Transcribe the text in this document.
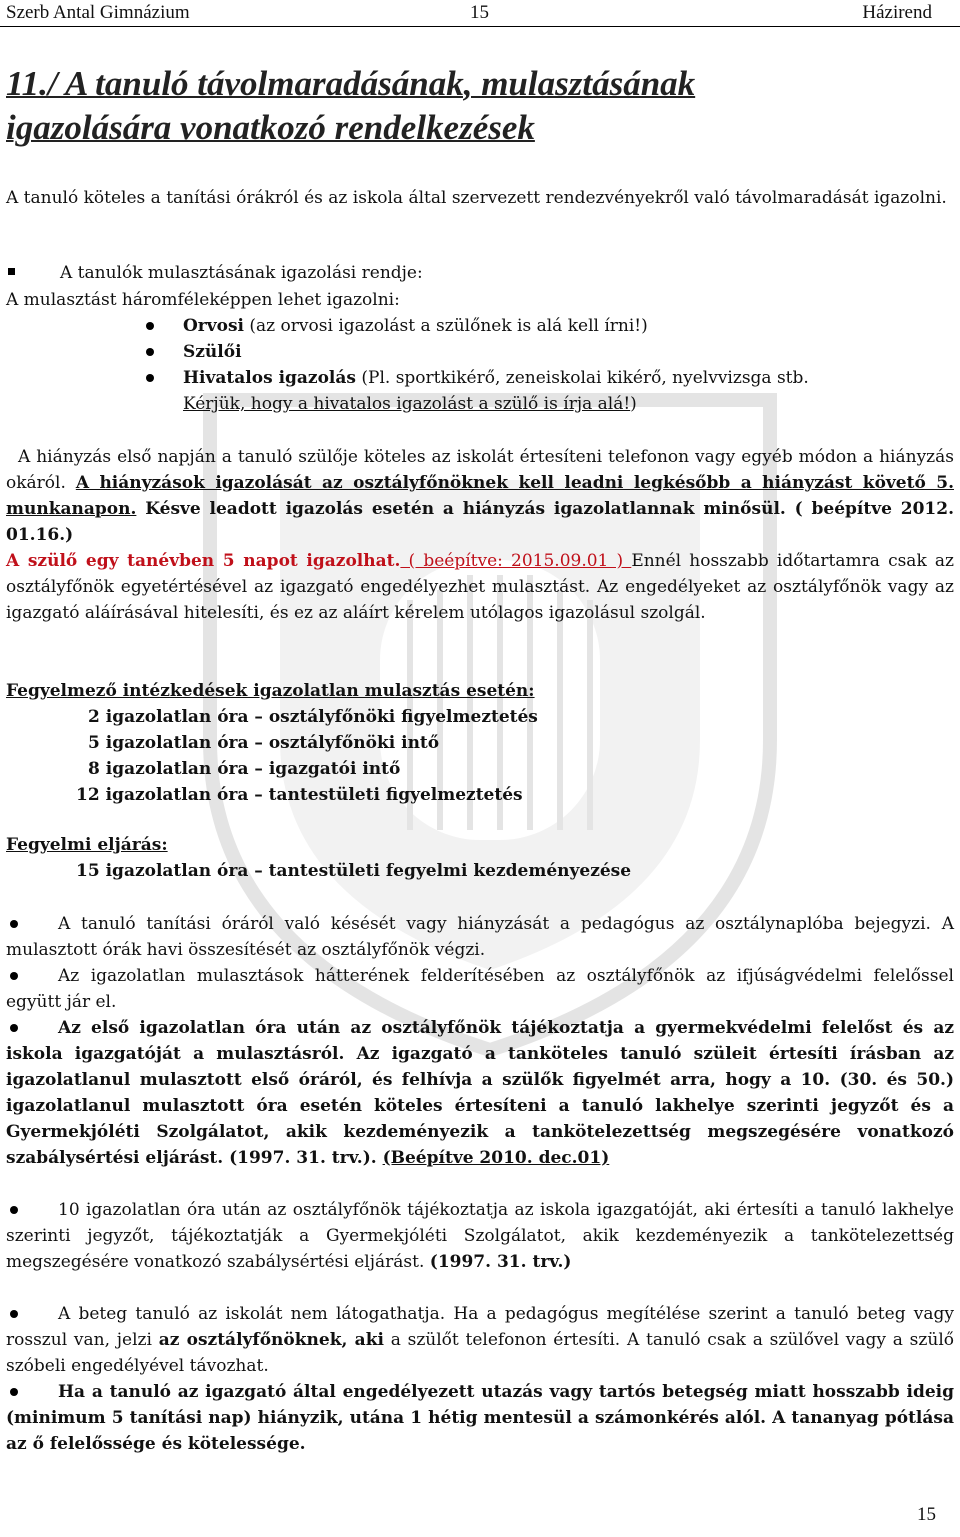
Szerb Antal Gimnázium	15	Házirend
11./ A tanuló távolmaradásának, mulasztásának
igazolására vonatkozó rendelkezések

A tanuló köteles a tanítási órákról és az iskola által szervezett rendezvényekről való távolmaradását igazolni.

A tanulók mulasztásának igazolási rendje:
A mulasztást háromféleképpen lehet igazolni:
Orvosi (az orvosi igazolást a szülőnek is alá kell írni!)
Szülői
Hivatalos igazolás (Pl. sportkikérő, zeneiskolai kikérő, nyelvvizsga stb.
Kérjük, hogy a hivatalos igazolást a szülő is írja alá!)

A hiányzás első napján a tanuló szülője köteles az iskolát értesíteni telefonon vagy egyéb módon a hiányzás okáról. A hiányzások igazolását az osztályfőnöknek kell leadni legkésőbb a hiányzást követő 5. munkanapon. Késve leadott igazolás esetén a hiányzás igazolatlannak minősül. ( beépítve 2012. 01.16.)

A szülő egy tanévben 5 napot igazolhat. ( beépítve: 2015.09.01 ) Ennél hosszabb időtartamra csak az osztályfőnök egyetértésével az igazgató engedélyezhet mulasztást. Az engedélyeket az osztályfőnök vagy az igazgató aláírásával hitelesíti, és ez az aláírt kérelem utólagos igazolásul szolgál.

Fegyelmező intézkedések igazolatlan mulasztás esetén:
2 igazolatlan óra – osztályfőnöki figyelmeztetés
5 igazolatlan óra – osztályfőnöki intő
8 igazolatlan óra – igazgatói intő
12 igazolatlan óra – tantestületi figyelmeztetés
Fegyelmi eljárás:
15 igazolatlan óra – tantestületi fegyelmi kezdeményezése

A tanuló tanítási óráról való késését vagy hiányzását a pedagógus az osztálynaplóba bejegyzi. A mulasztott órák havi összesítését az osztályfőnök végzi.

Az igazolatlan mulasztások hátterének felderítésében az osztályfőnök az ifjúságvédelmi felelőssel együtt jár el.

Az első igazolatlan óra után az osztályfőnök tájékoztatja a gyermekvédelmi felelőst és az iskola igazgatóját a mulasztásról. Az igazgató a tanköteles tanuló szüleit értesíti írásban az igazolatlanul mulasztott első óráról, és felhívja a szülők figyelmét arra, hogy a 10. (30. és 50.) igazolatlanul mulasztott óra esetén köteles értesíteni a tanuló lakhelye szerinti jegyzőt és a Gyermekjóléti Szolgálatot, akik kezdeményezik a tankötelezettség megszegésére vonatkozó szabálysértési eljárást. (1997. 31. trv.). (Beépítve 2010. dec.01)

10 igazolatlan óra után az osztályfőnök tájékoztatja az iskola igazgatóját, aki értesíti a tanuló lakhelye szerinti jegyzőt, tájékoztatják a Gyermekjóléti Szolgálatot, akik kezdeményezik a tankötelezettség megszegésére vonatkozó szabálysértési eljárást. (1997. 31. trv.)

A beteg tanuló az iskolát nem látogathatja. Ha a pedagógus megítélése szerint a tanuló beteg vagy rosszul van, jelzi az osztályfőnöknek, aki a szülőt telefonon értesíti. A tanuló csak a szülővel vagy a szülő szóbeli engedélyével távozhat.

Ha a tanuló az igazgató által engedélyezett utazás vagy tartós betegség miatt hosszabb ideig (minimum 5 tanítási nap) hiányzik, utána 1 hétig mentesül a számonkérés alól. A tananyag pótlása az ő felelőssége és kötelessége.

15
